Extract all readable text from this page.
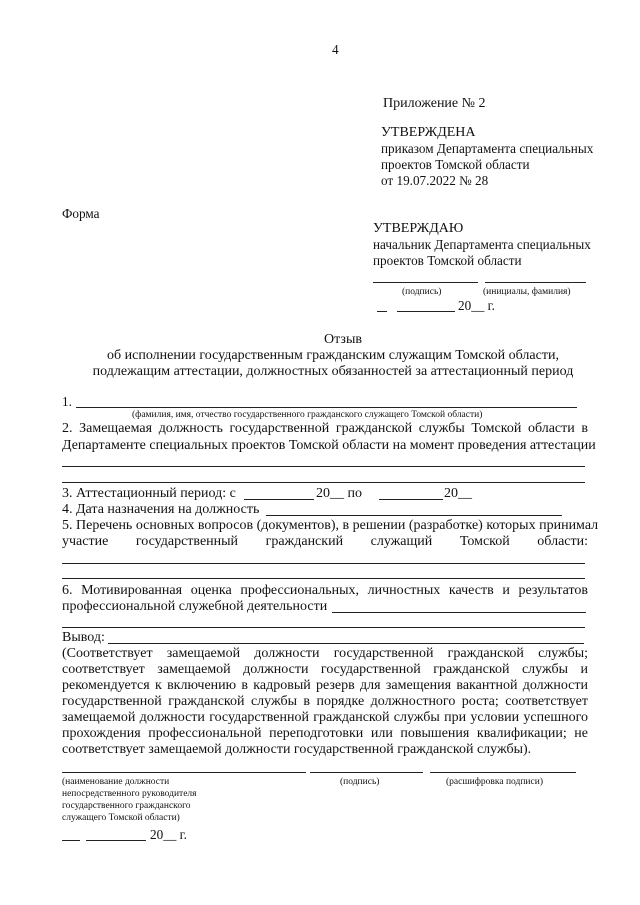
4
Приложение № 2
УТВЕРЖДЕНА
приказом Департамента специальных
проектов Томской области
от 19.07.2022 № 28
Форма
УТВЕРЖДАЮ
начальник Департамента специальных
проектов Томской области
(подпись)	(инициалы, фамилия)
20__ г.
Отзыв
об исполнении государственным гражданским служащим Томской области,
подлежащим аттестации, должностных обязанностей за аттестационный период
1.
(фамилия, имя, отчество государственного гражданского служащего Томской области)
2. Замещаемая должность государственной гражданской службы Томской области в
Департаменте специальных проектов Томской области на момент проведения аттестации
3. Аттестационный период: с	20__ по	20__
4. Дата назначения на должность
5. Перечень основных вопросов (документов), в решении (разработке) которых принимал
участие государственный гражданский служащий Томской области:
6. Мотивированная оценка профессиональных, личностных качеств и результатов
профессиональной служебной деятельности
Вывод:
(Соответствует замещаемой должности государственной гражданской службы;
соответствует замещаемой должности государственной гражданской службы и
рекомендуется к включению в кадровый резерв для замещения вакантной должности
государственной гражданской службы в порядке должностного роста; соответствует
замещаемой должности государственной гражданской службы при условии успешного
прохождения профессиональной переподготовки или повышения квалификации; не
соответствует замещаемой должности государственной гражданской службы).
(наименование должности
непосредственного руководителя
государственного гражданского
служащего Томской области)
(подпись)	(расшифровка подписи)
20__ г.
